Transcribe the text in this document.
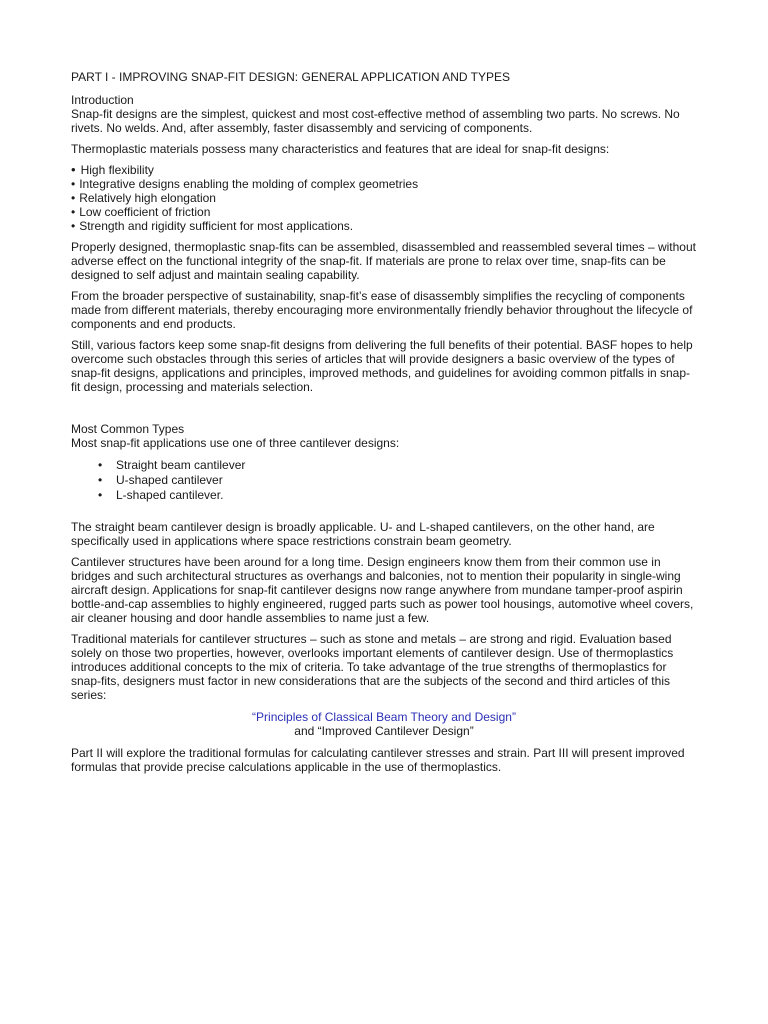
PART I - IMPROVING SNAP-FIT DESIGN: GENERAL APPLICATION AND TYPES

Introduction

Snap-fit designs are the simplest, quickest and most cost-effective method of assembling two parts. No screws. No rivets. No welds. And, after assembly, faster disassembly and servicing of components.

Thermoplastic materials possess many characteristics and features that are ideal for snap-fit designs:

• High flexibility
• Integrative designs enabling the molding of complex geometries
• Relatively high elongation
• Low coefficient of friction
• Strength and rigidity sufficient for most applications.

Properly designed, thermoplastic snap-fits can be assembled, disassembled and reassembled several times – without adverse effect on the functional integrity of the snap-fit. If materials are prone to relax over time, snap-fits can be designed to self adjust and maintain sealing capability.

From the broader perspective of sustainability, snap-fit’s ease of disassembly simplifies the recycling of components made from different materials, thereby encouraging more environmentally friendly behavior throughout the lifecycle of components and end products.

Still, various factors keep some snap-fit designs from delivering the full benefits of their potential. BASF hopes to help overcome such obstacles through this series of articles that will provide designers a basic overview of the types of snap-fit designs, applications and principles, improved methods, and guidelines for avoiding common pitfalls in snap-fit design, processing and materials selection.

Most Common Types

Most snap-fit applications use one of three cantilever designs:

• Straight beam cantilever
• U-shaped cantilever
• L-shaped cantilever.

The straight beam cantilever design is broadly applicable. U- and L-shaped cantilevers, on the other hand, are specifically used in applications where space restrictions constrain beam geometry.

Cantilever structures have been around for a long time. Design engineers know them from their common use in bridges and such architectural structures as overhangs and balconies, not to mention their popularity in single-wing aircraft design. Applications for snap-fit cantilever designs now range anywhere from mundane tamper-proof aspirin bottle-and-cap assemblies to highly engineered, rugged parts such as power tool housings, automotive wheel covers, air cleaner housing and door handle assemblies to name just a few.

Traditional materials for cantilever structures – such as stone and metals – are strong and rigid. Evaluation based solely on those two properties, however, overlooks important elements of cantilever design. Use of thermoplastics introduces additional concepts to the mix of criteria. To take advantage of the true strengths of thermoplastics for snap-fits, designers must factor in new considerations that are the subjects of the second and third articles of this series:

“Principles of Classical Beam Theory and Design”

and “Improved Cantilever Design”

Part II will explore the traditional formulas for calculating cantilever stresses and strain. Part III will present improved formulas that provide precise calculations applicable in the use of thermoplastics.
